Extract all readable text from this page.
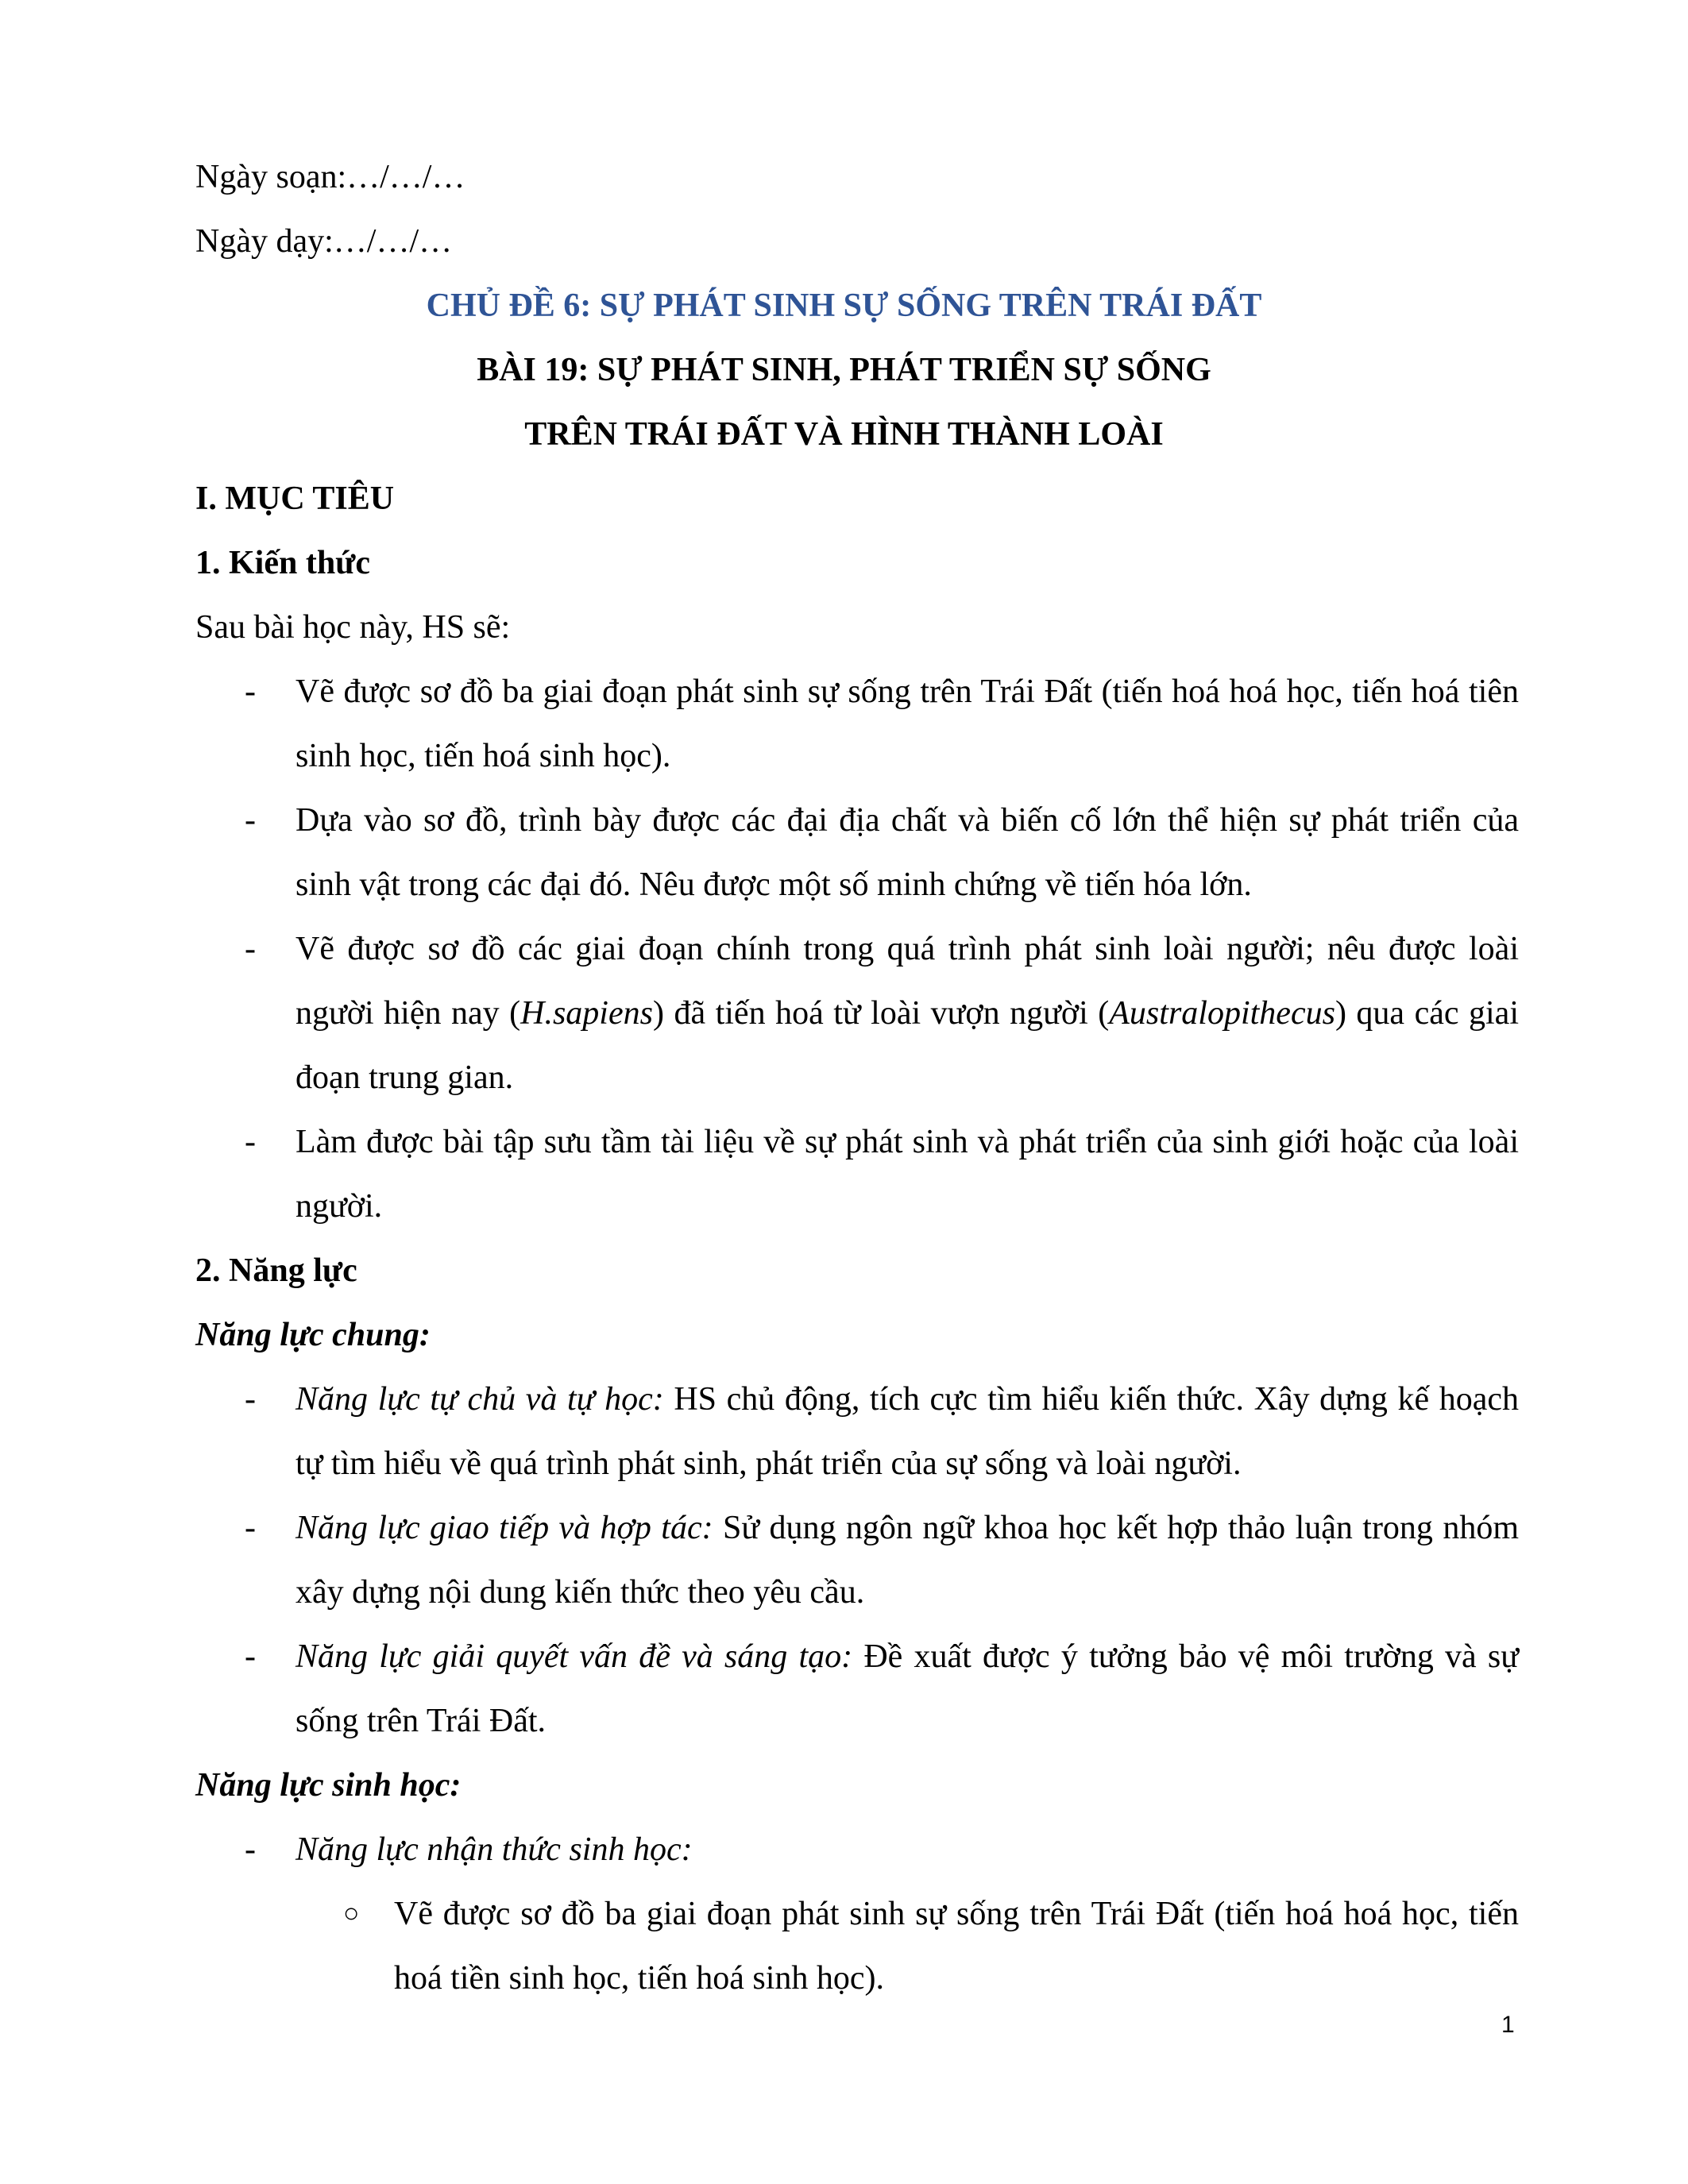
Ngày soạn:…/…/…
Ngày dạy:…/…/…
CHỦ ĐỀ 6: SỰ PHÁT SINH SỰ SỐNG TRÊN TRÁI ĐẤT
BÀI 19: SỰ PHÁT SINH, PHÁT TRIỂN SỰ SỐNG
TRÊN TRÁI ĐẤT VÀ HÌNH THÀNH LOÀI
I. MỤC TIÊU
1. Kiến thức
Sau bài học này, HS sẽ:
- Vẽ được sơ đồ ba giai đoạn phát sinh sự sống trên Trái Đất (tiến hoá hoá học, tiến hoá tiên sinh học, tiến hoá sinh học).

- Dựa vào sơ đồ, trình bày được các đại địa chất và biến cố lớn thể hiện sự phát triển của sinh vật trong các đại đó. Nêu được một số minh chứng về tiến hóa lớn.

- Vẽ được sơ đồ các giai đoạn chính trong quá trình phát sinh loài người; nêu được loài người hiện nay (H.sapiens) đã tiến hoá từ loài vượn người (Australopithecus) qua các giai đoạn trung gian.

- Làm được bài tập sưu tầm tài liệu về sự phát sinh và phát triển của sinh giới hoặc của loài người.

2. Năng lực
Năng lực chung:
- Năng lực tự chủ và tự học: HS chủ động, tích cực tìm hiểu kiến thức. Xây dựng kế hoạch tự tìm hiểu về quá trình phát sinh, phát triển của sự sống và loài người.

- Năng lực giao tiếp và hợp tác: Sử dụng ngôn ngữ khoa học kết hợp thảo luận trong nhóm xây dựng nội dung kiến thức theo yêu cầu.

- Năng lực giải quyết vấn đề và sáng tạo: Đề xuất được ý tưởng bảo vệ môi trường và sự sống trên Trái Đất.

Năng lực sinh học:
- Năng lực nhận thức sinh học:
○ Vẽ được sơ đồ ba giai đoạn phát sinh sự sống trên Trái Đất (tiến hoá hoá học, tiến hoá tiền sinh học, tiến hoá sinh học).

1
